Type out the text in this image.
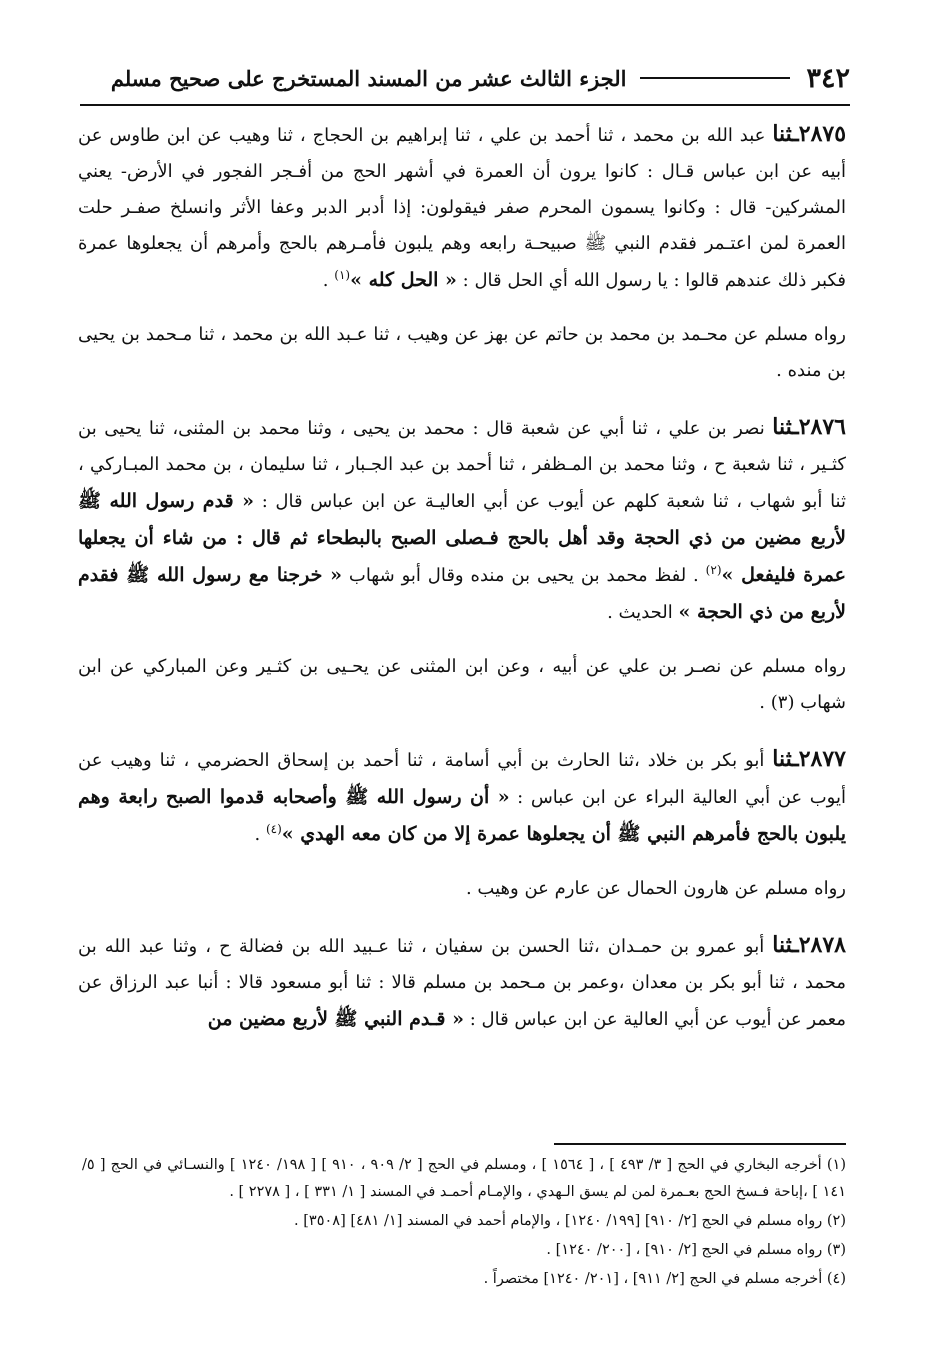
٣٤٢
الجزء الثالث عشر من المسند المستخرج على صحيح مسلم

٢٨٧٥ـثنا عبد الله بن محمد ، ثنا أحمد بن علي ، ثنا إبراهيم بن الحجاج ، ثنا وهيب عن ابن طاوس عن أبيه عن ابن عباس قـال : كانوا يرون أن العمرة في أشهر الحج من أفـجر الفجور في الأرض- يعني المشركين- قال : وكانوا يسمون المحرم صفر فيقولون: إذا أدبر الدبر وعفا الأثر وانسلخ صفـر حلت العمرة لمن اعتـمر فقدم النبي ﷺ صبيحـة رابعه وهم يلبون فأمـرهم بالحج وأمرهم أن يجعلوها عمرة فكبر ذلك عندهم قالوا : يا رسول الله أي الحل قال : « الحل كله »$^{(١)}$ .

رواه مسلم عن محـمد بن محمد بن حاتم عن بهز عن وهيب ، ثنا عـبد الله بن محمد ، ثنا مـحمد بن يحيى بن منده .

٢٨٧٦ـثنا نصر بن علي ، ثنا أبي عن شعبة قال : محمد بن يحيى ، وثنا محمد بن المثنى، ثنا يحيى بن كثـير ، ثنا شعبة ح ، وثنا محمد بن المـظفر ، ثنا أحمد بن عبد الجـبار ، ثنا سليمان ، بن محمد المبـاركي ، ثنا أبو شهاب ، ثنا شعبة كلهم عن أيوب عن أبي العاليـة عن ابن عباس قال : « قدم رسول الله ﷺ لأربع مضين من ذي الحجة وقد أهل بالحج فـصلى الصبح بالبطحاء ثم قال : من شاء أن يجعلها عمرة فليفعل »$^{(٢)}$ . لفظ محمد بن يحيى بن منده وقال أبو شهاب « خرجنا مع رسول الله ﷺ فقدم لأربع من ذي الحجة » الحديث .

رواه مسلم عن نصـر بن علي عن أبيه ، وعن ابن المثنى عن يحـيى بن كثـير وعن المباركي عن ابن شهاب (٣) .

٢٨٧٧ـثنا أبو بكر بن خلاد ،ثنا الحارث بن أبي أسامة ، ثنا أحمد بن إسحاق الحضرمي ، ثنا وهيب عن أيوب عن أبي العالية البراء عن ابن عباس : « أن رسول الله ﷺ وأصحابه قدموا الصبح رابعة وهم يلبون بالحج فأمرهم النبي ﷺ أن يجعلوها عمرة إلا من كان معه الهدي »$^{(٤)}$ .

رواه مسلم عن هارون الحمال عن عارم عن وهيب .

٢٨٧٨ـثنا أبو عمرو بن حمـدان ،ثنا الحسن بن سفيان ، ثنا عـبيد الله بن فضالة ح ، وثنا عبد الله بن محمد ، ثنا أبو بكر بن معدان ،وعمر بن مـحمد بن مسلم قالا : ثنا أبو مسعود قالا : أنبا عبد الرزاق عن معمر عن أيوب عن أبي العالية عن ابن عباس قال : « قـدم النبي ﷺ لأربع مضين من

(١) أخرجه البخاري في الحج [ ٣/ ٤٩٣ ] ، [ ١٥٦٤ ] ، ومسلم في الحج [ ٢/ ٩٠٩ ، ٩١٠ ] [ ١٩٨/ ١٢٤٠ ] والنسـائي في الحج [ ٥/ ١٤١ ] ،إباحة فـسخ الحج بعـمرة لمن لم يسق الـهدي ، والإمـام أحمـد في المسند [ ١/ ٣٣١ ] ، [ ٢٢٧٨ ] .
(٢) رواه مسلم في الحج [٢/ ٩١٠] [١٩٩/ ١٢٤٠] ، والإمام أحمد في المسند [١/ ٤٨١] [٣٥٠٨] .
(٣) رواه مسلم في الحج [٢/ ٩١٠] ، [٢٠٠/ ١٢٤٠] .
(٤) أخرجه مسلم في الحج [٢/ ٩١١] ، [٢٠١/ ١٢٤٠] مختصراً .
